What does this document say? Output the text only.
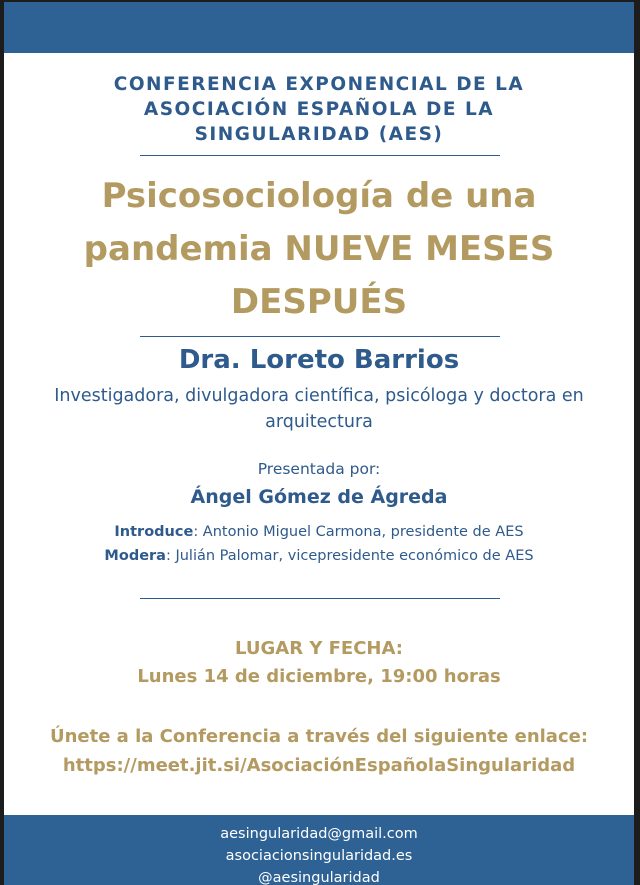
CONFERENCIA EXPONENCIAL DE LA
ASOCIACIÓN ESPAÑOLA DE LA
SINGULARIDAD (AES)
Psicosociología de una
pandemia NUEVE MESES
DESPUÉS
Dra. Loreto Barrios
Investigadora, divulgadora científica, psicóloga y doctora en
arquitectura
Presentada por:
Ángel Gómez de Ágreda
Introduce: Antonio Miguel Carmona, presidente de AES
Modera: Julián Palomar, vicepresidente económico de AES
LUGAR Y FECHA:
Lunes 14 de diciembre, 19:00 horas
Únete a la Conferencia a través del siguiente enlace:
https://meet.jit.si/AsociaciónEspañolaSingularidad
aesingularidad@gmail.com
asociacionsingularidad.es
@aesingularidad
